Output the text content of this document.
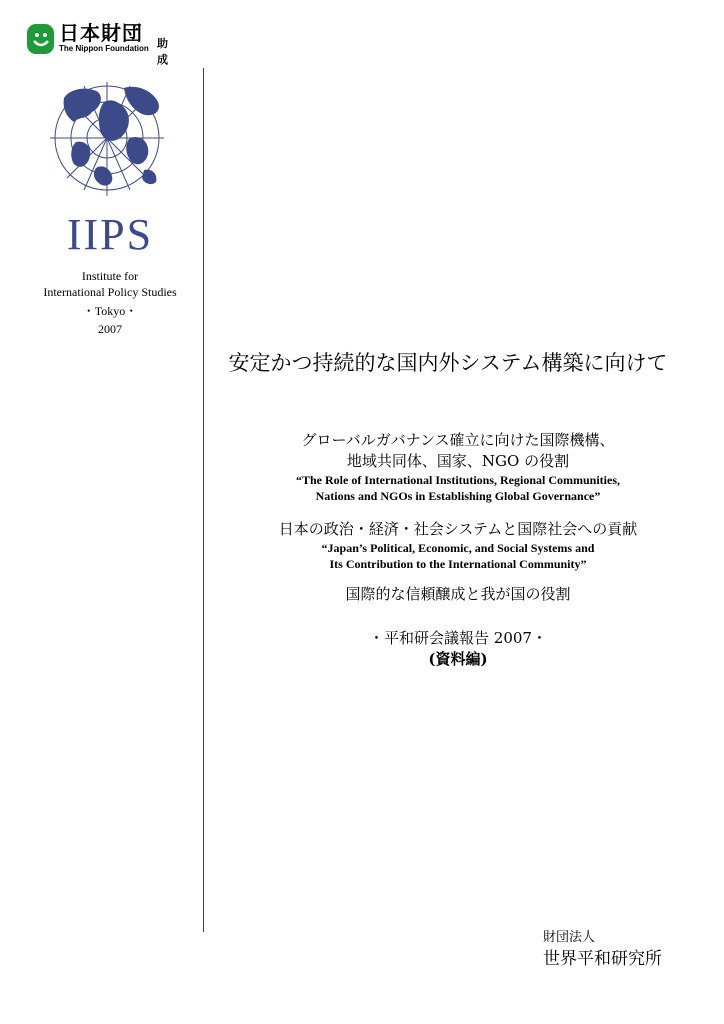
日本財団
The Nippon Foundation 助成
IIPS
Institute for
International Policy Studies
・Tokyo・
2007
安定かつ持続的な国内外システム構築に向けて
グローバルガバナンス確立に向けた国際機構、
地域共同体、国家、NGO の役割
“The Role of International Institutions, Regional Communities,
Nations and NGOs in Establishing Global Governance”
日本の政治・経済・社会システムと国際社会への貢献
“Japan’s Political, Economic, and Social Systems and
Its Contribution to the International Community”
国際的な信頼醸成と我が国の役割
・平和研会議報告 2007・
(資料編)
財団法人
世界平和研究所
